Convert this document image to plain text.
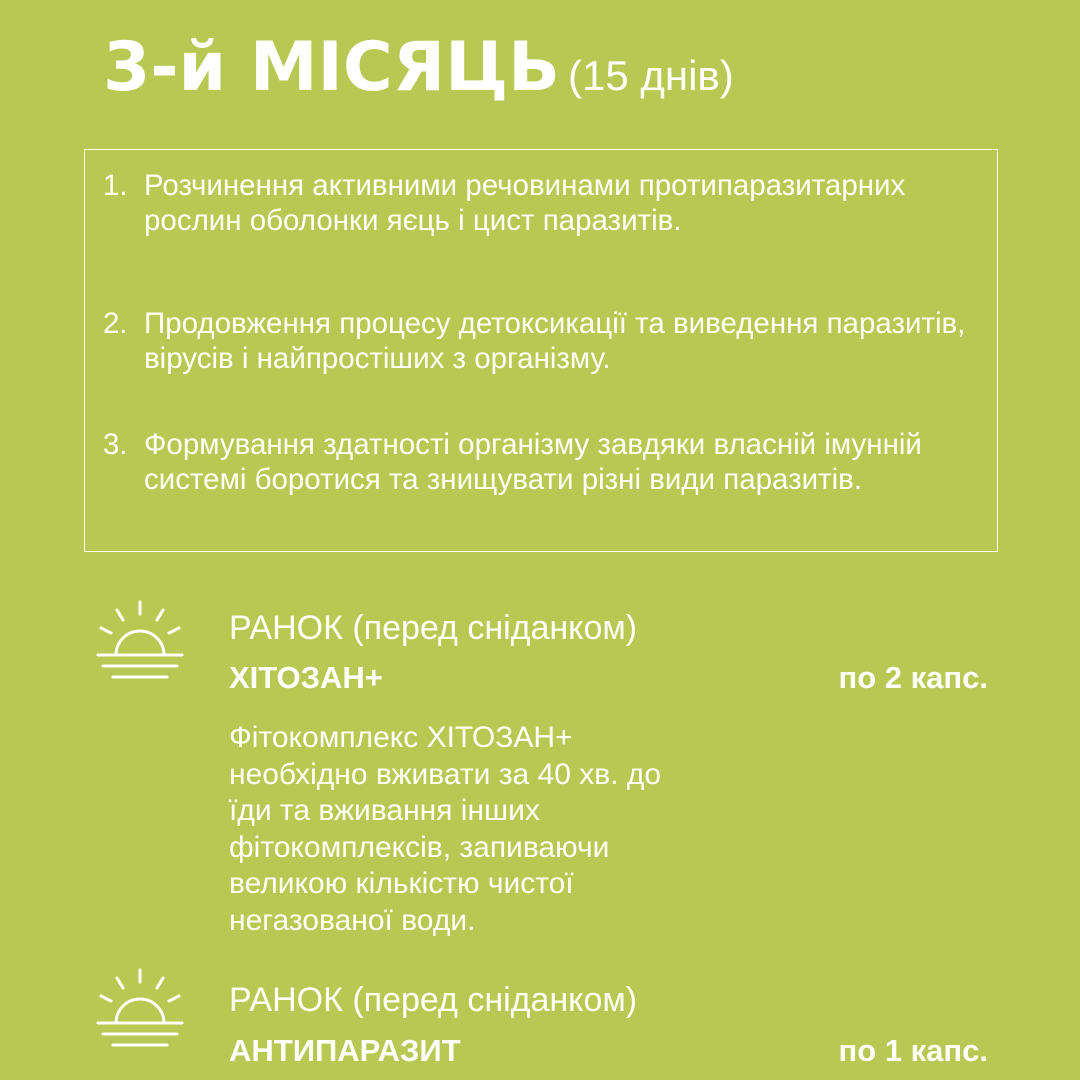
3-й МІСЯЦЬ (15 днів)
1. Розчинення активними речовинами протипаразитарних рослин оболонки яєць і цист паразитів.
2. Продовження процесу детоксикації та виведення паразитів, вірусів і найпростіших з організму.
3. Формування здатності організму завдяки власній імунній системі боротися та знищувати різні види паразитів.
РАНОК (перед сніданком)
ХІТОЗАН+	по 2 капс.
Фітокомплекс ХІТОЗАН+ необхідно вживати за 40 хв. до їди та вживання інших фітокомплексів, запиваючи великою кількістю чистої негазованої води.
РАНОК (перед сніданком)
АНТИПАРАЗИТ	по 1 капс.
